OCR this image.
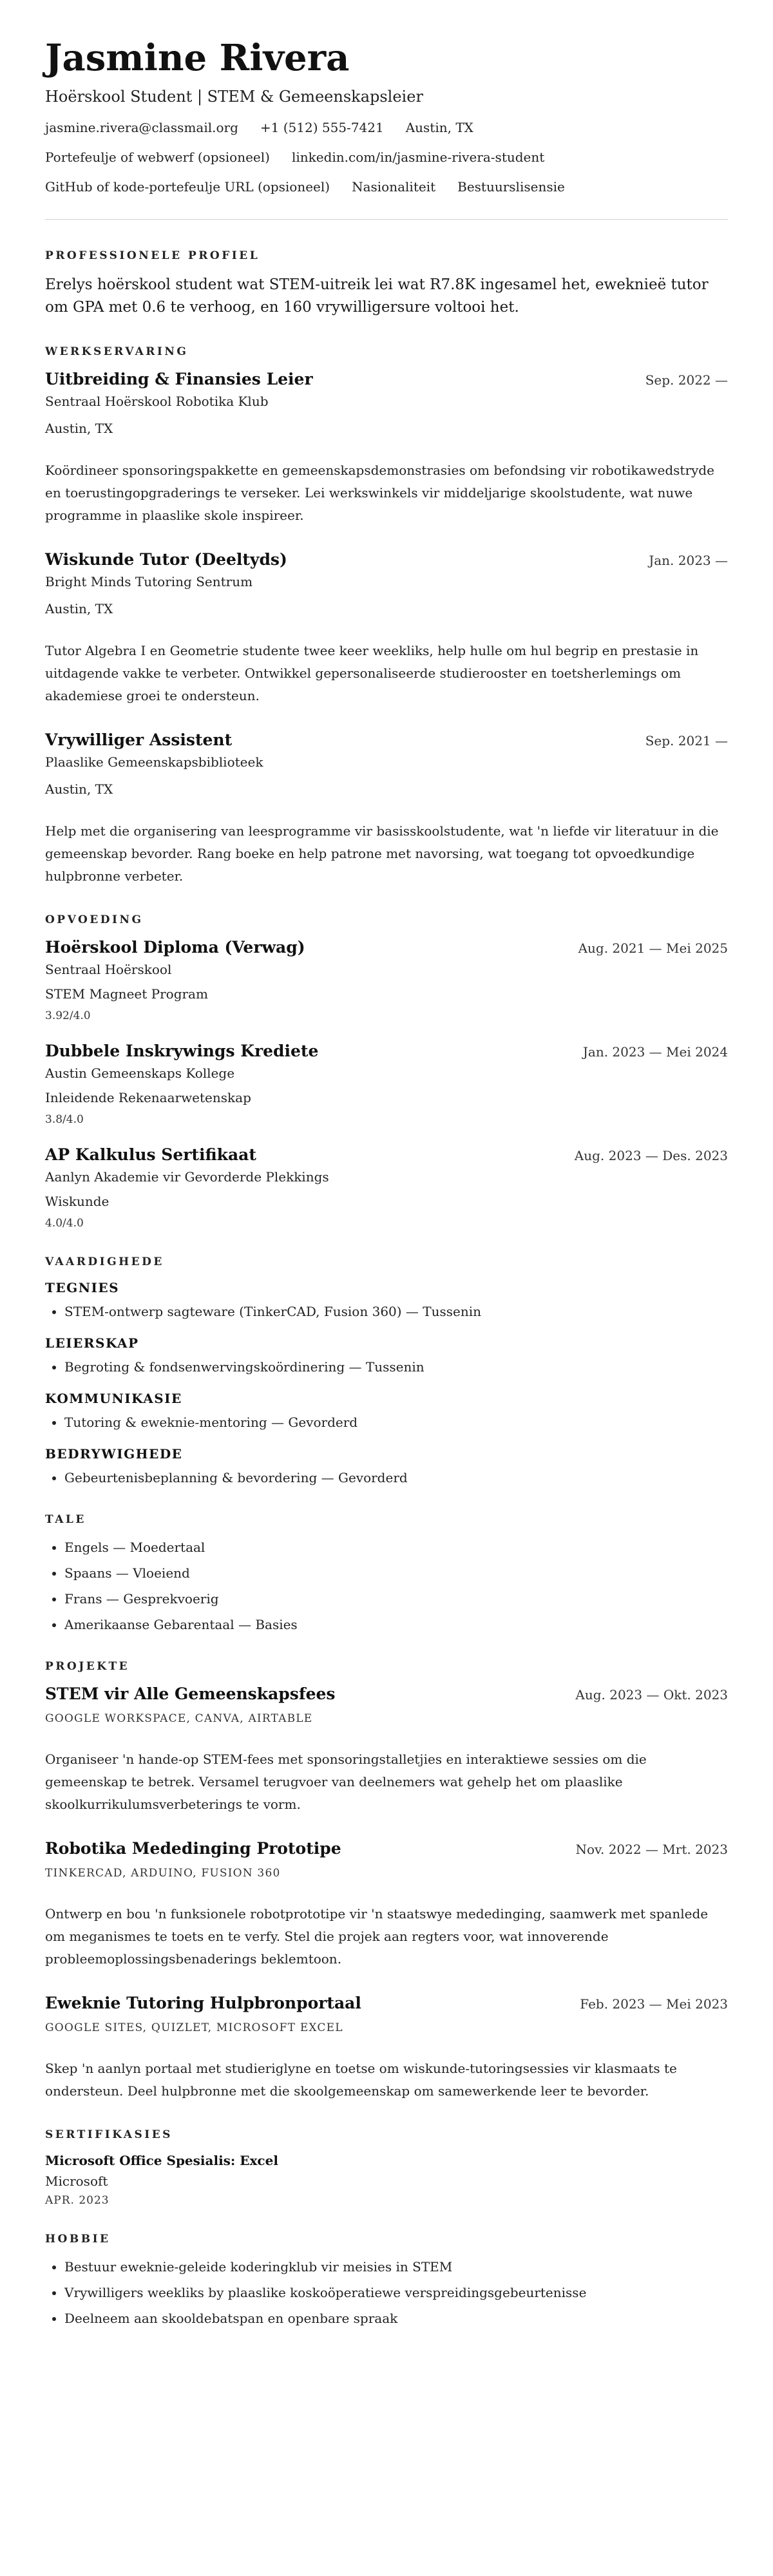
Jasmine Rivera
Hoërskool Student | STEM & Gemeenskapsleier
jasmine.rivera@classmail.org +1 (512) 555-7421 Austin, TX
Portefeulje of webwerf (opsioneel) linkedin.com/in/jasmine-rivera-student
GitHub of kode-portefeulje URL (opsioneel) Nasionaliteit Bestuurslisensie
PROFESSIONELE PROFIEL

Erelys hoërskool student wat STEM-uitreik lei wat R7.8K ingesamel het, eweknieë tutor om GPA met 0.6 te verhoog, en 160 vrywilligersure voltooi het.

WERKSERVARING
Uitbreiding & Finansies Leier	Sep. 2022 —
Sentraal Hoërskool Robotika Klub
Austin, TX
Koördineer sponsoringspakkette en gemeenskapsdemonstrasies om befondsing vir robotikawedstryde en toerustingopgraderings te verseker. Lei werkswinkels vir middeljarige skoolstudente, wat nuwe programme in plaaslike skole inspireer.
Wiskunde Tutor (Deeltyds)	Jan. 2023 —
Bright Minds Tutoring Sentrum
Austin, TX
Tutor Algebra I en Geometrie studente twee keer weekliks, help hulle om hul begrip en prestasie in uitdagende vakke te verbeter. Ontwikkel gepersonaliseerde studierooster en toetsherlemings om akademiese groei te ondersteun.
Vrywilliger Assistent	Sep. 2021 —
Plaaslike Gemeenskapsbiblioteek
Austin, TX
Help met die organisering van leesprogramme vir basisskoolstudente, wat 'n liefde vir literatuur in die gemeenskap bevorder. Rang boeke en help patrone met navorsing, wat toegang tot opvoedkundige hulpbronne verbeter.
OPVOEDING
Hoërskool Diploma (Verwag)	Aug. 2021 — Mei 2025
Sentraal Hoërskool
STEM Magneet Program
3.92/4.0
Dubbele Inskrywings Krediete	Jan. 2023 — Mei 2024
Austin Gemeenskaps Kollege
Inleidende Rekenaarwetenskap
3.8/4.0
AP Kalkulus Sertifikaat	Aug. 2023 — Des. 2023
Aanlyn Akademie vir Gevorderde Plekkings
Wiskunde
4.0/4.0
VAARDIGHEDE
TEGNIES
• STEM-ontwerp sagteware (TinkerCAD, Fusion 360) — Tussenin
LEIERSKAP
• Begroting & fondsenwervingskoördinering — Tussenin
KOMMUNIKASIE
• Tutoring & eweknie-mentoring — Gevorderd
BEDRYWIGHEDE
• Gebeurtenisbeplanning & bevordering — Gevorderd
TALE
• Engels — Moedertaal
• Spaans — Vloeiend
• Frans — Gesprekvoerig
• Amerikaanse Gebarentaal — Basies
PROJEKTE
STEM vir Alle Gemeenskapsfees	Aug. 2023 — Okt. 2023
GOOGLE WORKSPACE, CANVA, AIRTABLE
Organiseer 'n hande-op STEM-fees met sponsoringstalletjies en interaktiewe sessies om die gemeenskap te betrek. Versamel terugvoer van deelnemers wat gehelp het om plaaslike skoolkurrikulumsverbeterings te vorm.
Robotika Mededinging Prototipe	Nov. 2022 — Mrt. 2023
TINKERCAD, ARDUINO, FUSION 360
Ontwerp en bou 'n funksionele robotprototipe vir 'n staatswye mededinging, saamwerk met spanlede om meganismes te toets en te verfy. Stel die projek aan regters voor, wat innoverende probleemoplossingsbenaderings beklemtoon.
Eweknie Tutoring Hulpbronportaal	Feb. 2023 — Mei 2023
GOOGLE SITES, QUIZLET, MICROSOFT EXCEL
Skep 'n aanlyn portaal met studieriglyne en toetse om wiskunde-tutoringsessies vir klasmaats te ondersteun. Deel hulpbronne met die skoolgemeenskap om samewerkende leer te bevorder.
SERTIFIKASIES
Microsoft Office Spesialis: Excel
Microsoft
APR. 2023
HOBBIE
• Bestuur eweknie-geleide koderingklub vir meisies in STEM
• Vrywilligers weekliks by plaaslike koskoöperatiewe verspreidingsgebeurtenisse
• Deelneem aan skooldebatspan en openbare spraak
